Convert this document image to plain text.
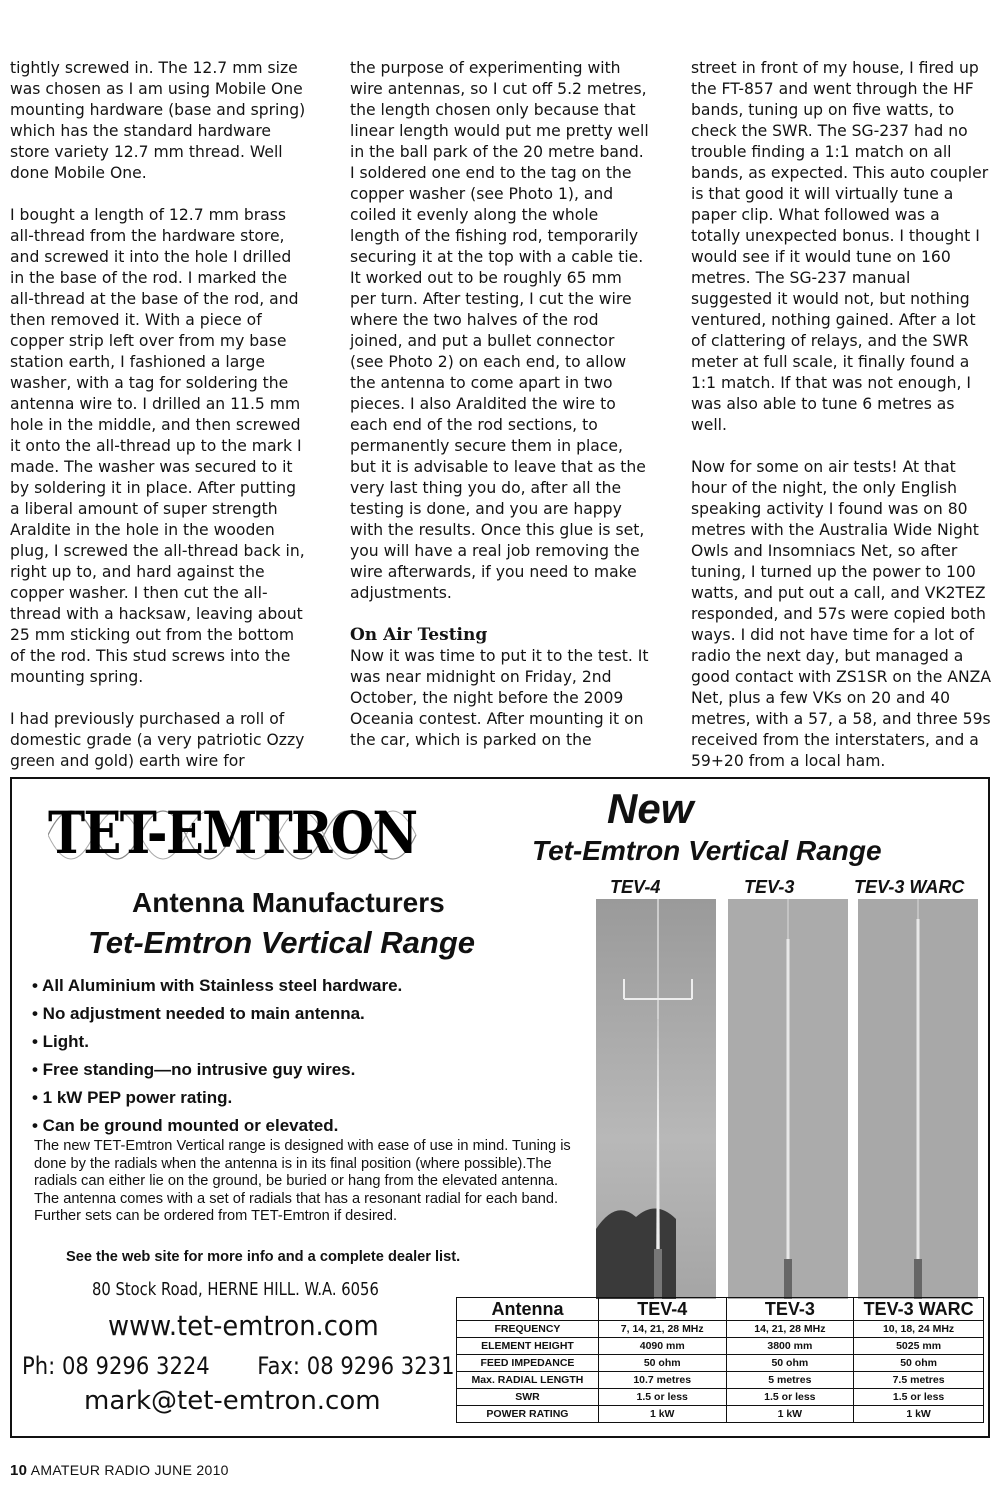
tightly screwed in. The 12.7 mm size was chosen as I am using Mobile One mounting hardware (base and spring) which has the standard hardware store variety 12.7 mm thread. Well done Mobile One.

I bought a length of 12.7 mm brass all-thread from the hardware store, and screwed it into the hole I drilled in the base of the rod. I marked the all-thread at the base of the rod, and then removed it. With a piece of copper strip left over from my base station earth, I fashioned a large washer, with a tag for soldering the antenna wire to. I drilled an 11.5 mm hole in the middle, and then screwed it onto the all-thread up to the mark I made. The washer was secured to it by soldering it in place. After putting a liberal amount of super strength Araldite in the hole in the wooden plug, I screwed the all-thread back in, right up to, and hard against the copper washer. I then cut the all-thread with a hacksaw, leaving about 25 mm sticking out from the bottom of the rod. This stud screws into the mounting spring.

I had previously purchased a roll of domestic grade (a very patriotic Ozzy green and gold) earth wire for

the purpose of experimenting with wire antennas, so I cut off 5.2 metres, the length chosen only because that linear length would put me pretty well in the ball park of the 20 metre band. I soldered one end to the tag on the copper washer (see Photo 1), and coiled it evenly along the whole length of the fishing rod, temporarily securing it at the top with a cable tie. It worked out to be roughly 65 mm per turn. After testing, I cut the wire where the two halves of the rod joined, and put a bullet connector (see Photo 2) on each end, to allow the antenna to come apart in two pieces. I also Araldited the wire to each end of the rod sections, to permanently secure them in place, but it is advisable to leave that as the very last thing you do, after all the testing is done, and you are happy with the results. Once this glue is set, you will have a real job removing the wire afterwards, if you need to make adjustments.

On Air Testing

Now it was time to put it to the test. It was near midnight on Friday, 2nd October, the night before the 2009 Oceania contest. After mounting it on the car, which is parked on the

street in front of my house, I fired up the FT-857 and went through the HF bands, tuning up on five watts, to check the SWR. The SG-237 had no trouble finding a 1:1 match on all bands, as expected. This auto coupler is that good it will virtually tune a paper clip. What followed was a totally unexpected bonus. I thought I would see if it would tune on 160 metres. The SG-237 manual suggested it would not, but nothing ventured, nothing gained. After a lot of clattering of relays, and the SWR meter at full scale, it finally found a 1:1 match. If that was not enough, I was also able to tune 6 metres as well.

Now for some on air tests! At that hour of the night, the only English speaking activity I found was on 80 metres with the Australia Wide Night Owls and Insomniacs Net, so after tuning, I turned up the power to 100 watts, and put out a call, and VK2TEZ responded, and 57s were copied both ways. I did not have time for a lot of radio the next day, but managed a good contact with ZS1SR on the ANZA Net, plus a few VKs on 20 and 40 metres, with a 57, a 58, and three 59s received from the interstaters, and a 59+20 from a local ham.

TET-EMTRON	New
Tet-Emtron Vertical Range
TEV-4	TEV-3	TEV-3 WARC
Antenna Manufacturers
Tet-Emtron Vertical Range
• All Aluminium with Stainless steel hardware.
• No adjustment needed to main antenna.
• Light.
• Free standing—no intrusive guy wires.
• 1 kW PEP power rating.
• Can be ground mounted or elevated.

The new TET-Emtron Vertical range is designed with ease of use in mind. Tuning is done by the radials when the antenna is in its final position (where possible).The radials can either lie on the ground, be buried or hang from the elevated antenna. The antenna comes with a set of radials that has a resonant radial for each band. Further sets can be ordered from TET-Emtron if desired.

See the web site for more info and a complete dealer list.
80 Stock Road, HERNE HILL. W.A. 6056
www.tet-emtron.com
Ph: 08 9296 3224 Fax: 08 9296 3231
mark@tet-emtron.com
Antenna	TEV-4	TEV-3	TEV-3 WARC
FREQUENCY	7, 14, 21, 28 MHz	14, 21, 28 MHz	10, 18, 24 MHz
ELEMENT HEIGHT	4090 mm	3800 mm	5025 mm
FEED IMPEDANCE	50 ohm	50 ohm	50 ohm
Max. RADIAL LENGTH	10.7 metres	5 metres	7.5 metres
SWR	1.5 or less	1.5 or less	1.5 or less
POWER RATING	1 kW	1 kW	1 kW
10 AMATEUR RADIO JUNE 2010
